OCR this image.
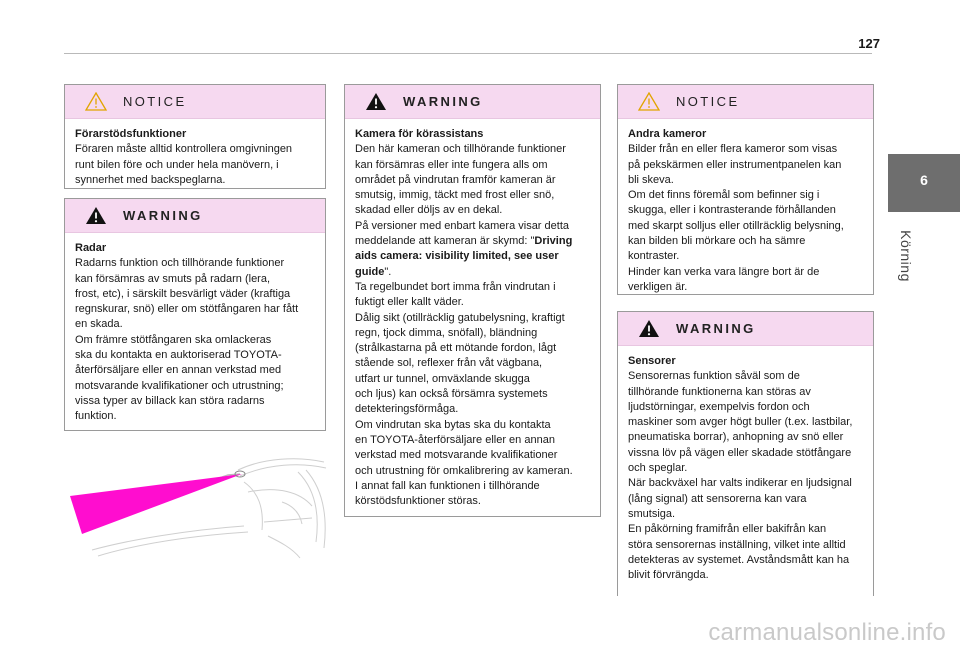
127
6
Körning
NOTICE

Förarstödsfunktioner

Föraren måste alltid kontrollera omgivningen

runt bilen före och under hela manövern, i

synnerhet med backspeglarna.

WARNING

Radar

Radarns funktion och tillhörande funktioner

kan försämras av smuts på radarn (lera,

frost, etc), i särskilt besvärligt väder (kraftiga

regnskurar, snö) eller om stötfångaren har fått

en skada.

Om främre stötfångaren ska omlackeras

ska du kontakta en auktoriserad TOYOTA-

återförsäljare eller en annan verkstad med

motsvarande kvalifikationer och utrustning;

vissa typer av billack kan störa radarns

funktion.

WARNING

Kamera för körassistans

Den här kameran och tillhörande funktioner

kan försämras eller inte fungera alls om

området på vindrutan framför kameran är

smutsig, immig, täckt med frost eller snö,

skadad eller döljs av en dekal.

På versioner med enbart kamera visar detta

meddelande att kameran är skymd: "Driving

aids camera: visibility limited, see user

guide".

Ta regelbundet bort imma från vindrutan i

fuktigt eller kallt väder.

Dålig sikt (otillräcklig gatubelysning, kraftigt

regn, tjock dimma, snöfall), bländning

(strålkastarna på ett mötande fordon, lågt

stående sol, reflexer från våt vägbana,

utfart ur tunnel, omväxlande skugga

och ljus) kan också försämra systemets

detekteringsförmåga.

Om vindrutan ska bytas ska du kontakta

en TOYOTA-återförsäljare eller en annan

verkstad med motsvarande kvalifikationer

och utrustning för omkalibrering av kameran.

I annat fall kan funktionen i tillhörande

körstödsfunktioner störas.

NOTICE

Andra kameror

Bilder från en eller flera kameror som visas

på pekskärmen eller instrumentpanelen kan

bli skeva.

Om det finns föremål som befinner sig i

skugga, eller i kontrasterande förhållanden

med skarpt solljus eller otillräcklig belysning,

kan bilden bli mörkare och ha sämre

kontraster.

Hinder kan verka vara längre bort är de

verkligen är.

WARNING

Sensorer

Sensorernas funktion såväl som de

tillhörande funktionerna kan störas av

ljudstörningar, exempelvis fordon och

maskiner som avger högt buller (t.ex. lastbilar,

pneumatiska borrar), anhopning av snö eller

vissna löv på vägen eller skadade stötfångare

och speglar.

När backväxel har valts indikerar en ljudsignal

(lång signal) att sensorerna kan vara

smutsiga.

En påkörning framifrån eller bakifrån kan

störa sensorernas inställning, vilket inte alltid

detekteras av systemet. Avståndsmått kan ha

blivit förvrängda.

carmanualsonline.info
